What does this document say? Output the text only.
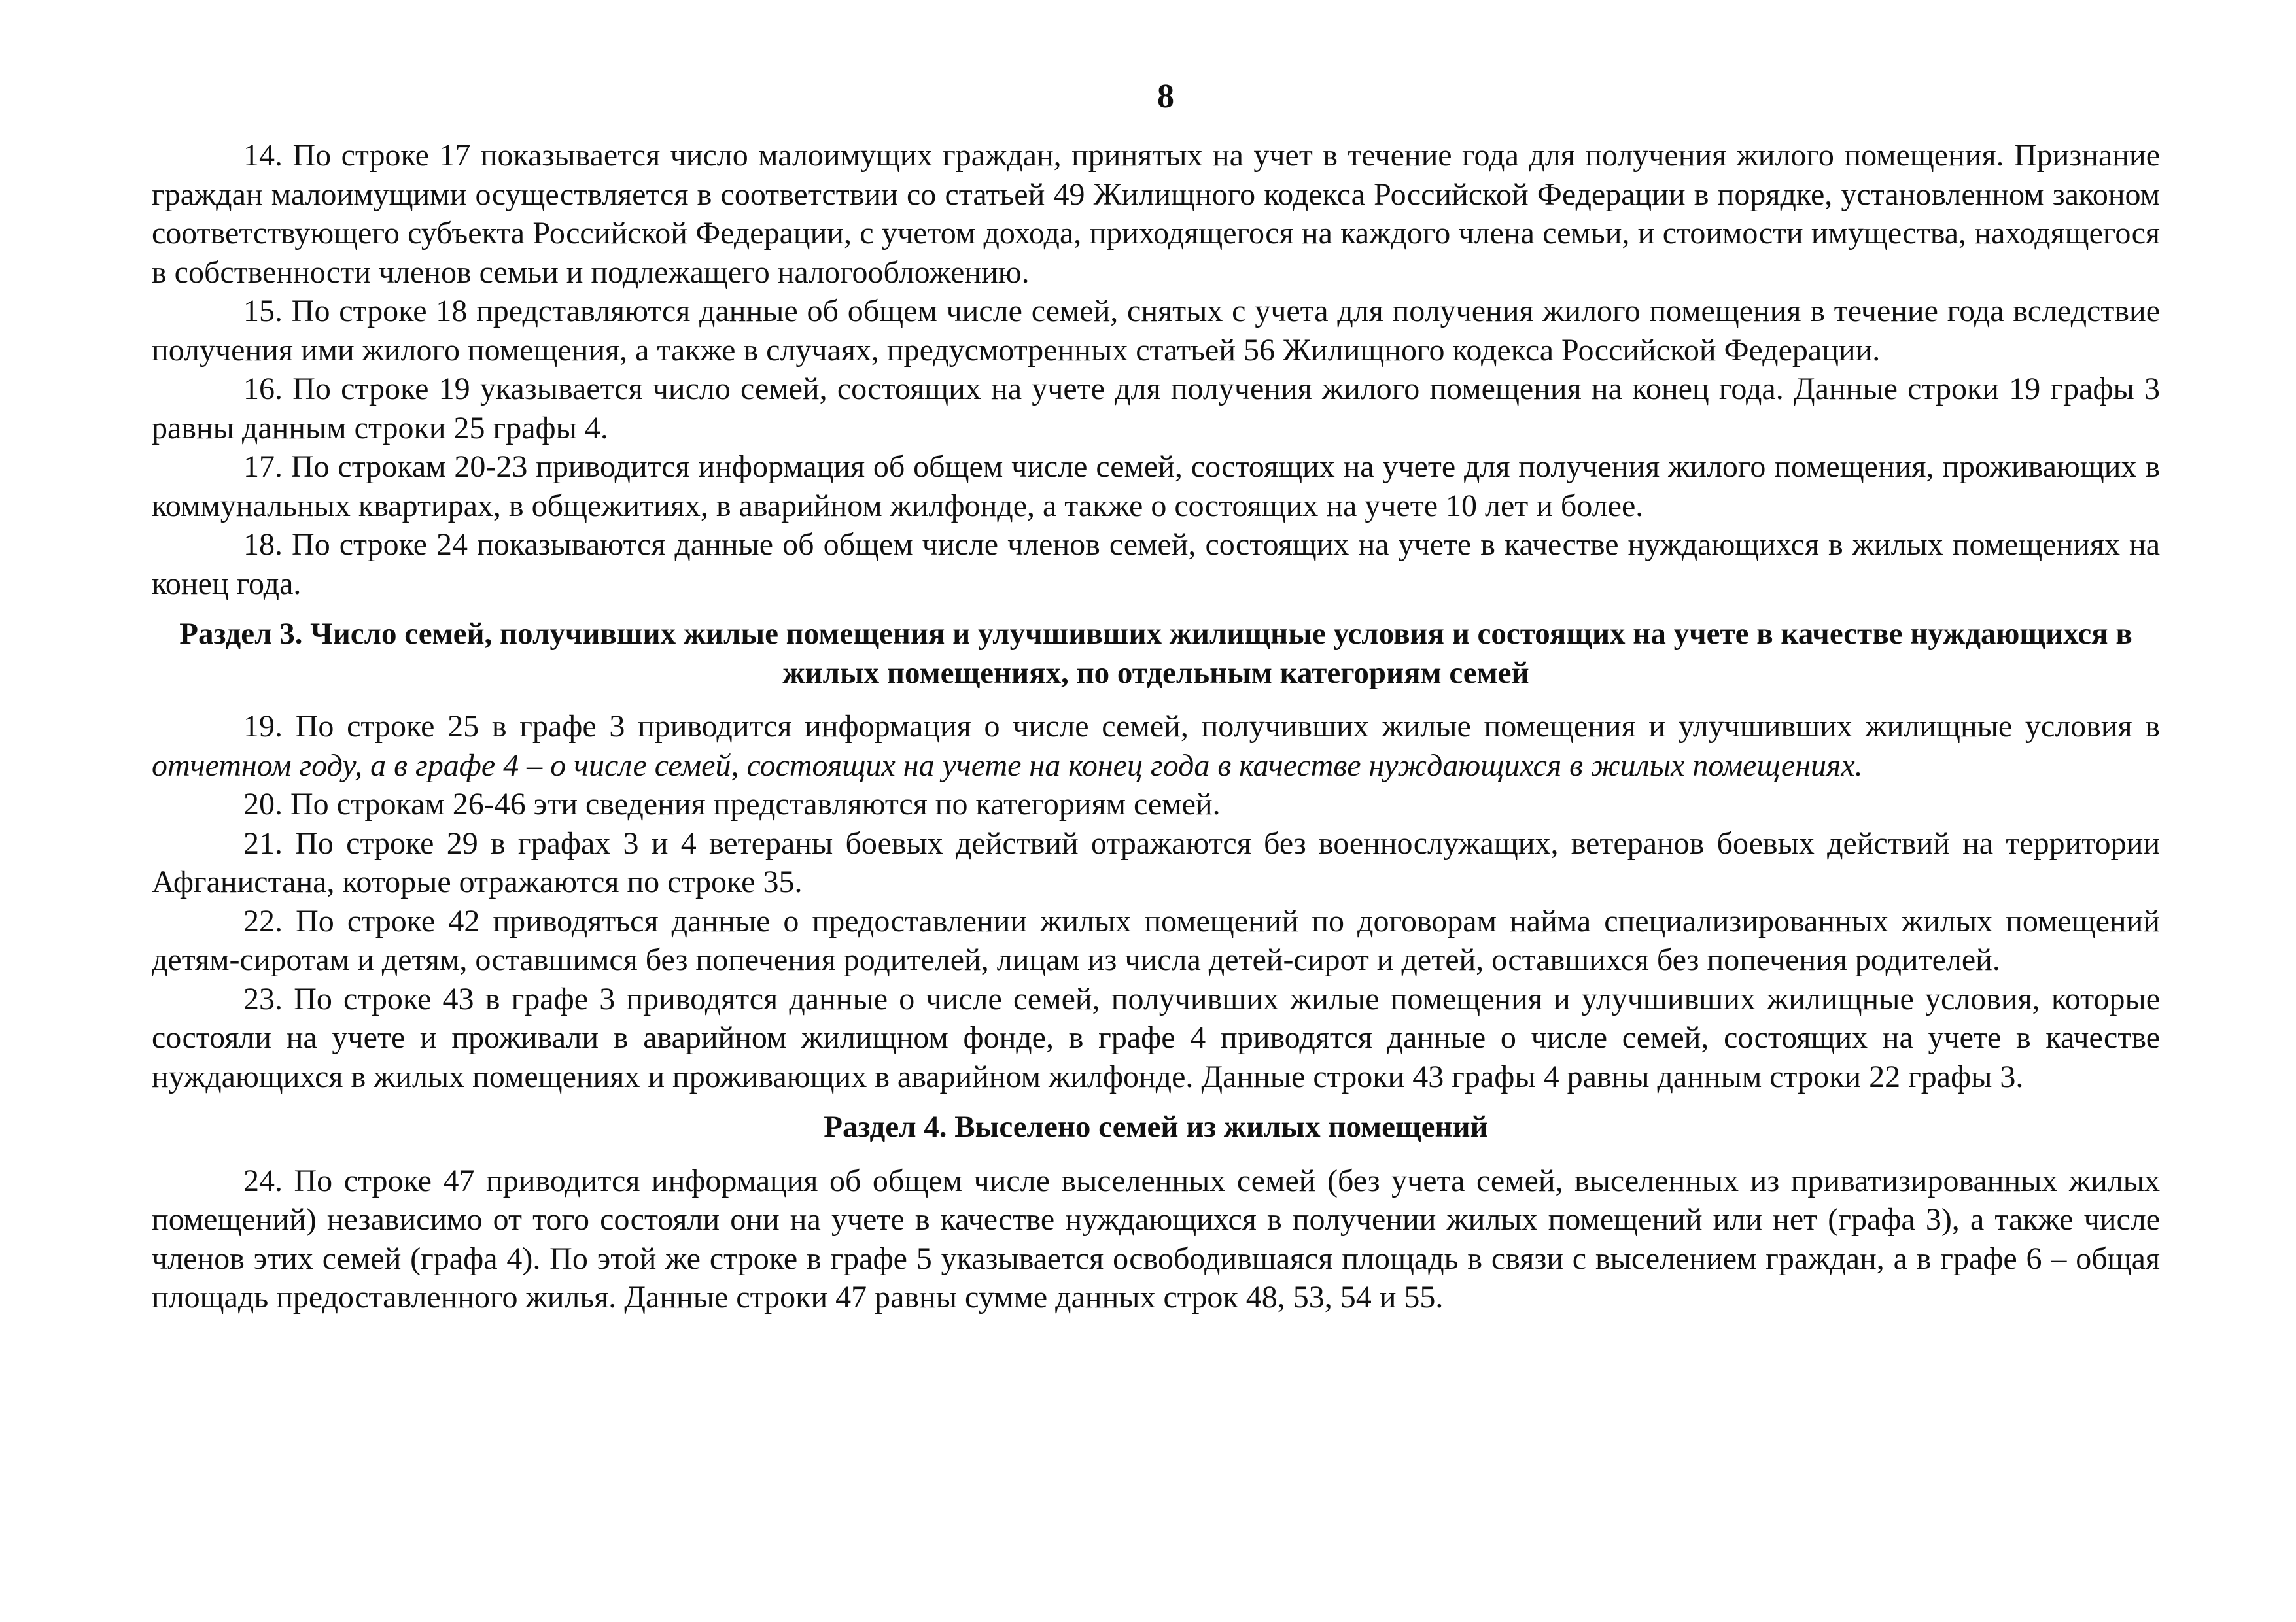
8

14. По строке 17 показывается число малоимущих граждан, принятых на учет в течение года для получения жилого помещения. Признание граждан малоимущими осуществляется в соответствии со статьей 49 Жилищного кодекса Российской Федерации в порядке, установленном законом соответствующего субъекта Российской Федерации, с учетом дохода, приходящегося на каждого члена семьи, и стоимости имущества, находящегося в собственности членов семьи и подлежащего налогообложению.

15. По строке 18 представляются данные об общем числе семей, снятых с учета для получения жилого помещения в течение года вследствие получения ими жилого помещения, а также в случаях, предусмотренных статьей 56 Жилищного кодекса Российской Федерации.

16. По строке 19 указывается число семей, состоящих на учете для получения жилого помещения на конец года. Данные строки 19 графы 3 равны данным строки 25 графы 4.

17. По строкам 20-23 приводится информация об общем числе семей, состоящих на учете для получения жилого помещения, проживающих в коммунальных квартирах, в общежитиях, в аварийном жилфонде, а также о состоящих на учете 10 лет и более.

18. По строке 24 показываются данные об общем числе членов семей, состоящих на учете в качестве нуждающихся в жилых помещениях на конец года.

Раздел 3. Число семей, получивших жилые помещения и улучшивших жилищные условия и состоящих на учете в качестве нуждающихся в жилых помещениях, по отдельным категориям семей

19. По строке 25 в графе 3 приводится информация о числе семей, получивших жилые помещения и улучшивших жилищные условия в отчетном году, а в графе 4 – о числе семей, состоящих на учете на конец года в качестве нуждающихся в жилых помещениях.

20. По строкам 26-46 эти сведения представляются по категориям семей.

21. По строке 29 в графах 3 и 4 ветераны боевых действий отражаются без военнослужащих, ветеранов боевых действий на территории Афганистана, которые отражаются по строке 35.

22. По строке 42 приводяться данные о предоставлении жилых помещений по договорам найма специализированных жилых помещений детям-сиротам и детям, оставшимся без попечения родителей, лицам из числа детей-сирот и детей, оставшихся без попечения родителей.

23. По строке 43 в графе 3 приводятся данные о числе семей, получивших жилые помещения и улучшивших жилищные условия, которые состояли на учете и проживали в аварийном жилищном фонде, в графе 4 приводятся данные о числе семей, состоящих на учете в качестве нуждающихся в жилых помещениях и проживающих в аварийном жилфонде. Данные строки 43 графы 4 равны данным строки 22 графы 3.

Раздел 4. Выселено семей из жилых помещений

24. По строке 47 приводится информация об общем числе выселенных семей (без учета семей, выселенных из приватизированных жилых помещений) независимо от того состояли они на учете в качестве нуждающихся в получении жилых помещений или нет (графа 3), а также числе членов этих семей (графа 4). По этой же строке в графе 5 указывается освободившаяся площадь в связи с выселением граждан, а в графе 6 – общая площадь предоставленного жилья. Данные строки 47 равны сумме данных строк 48, 53, 54 и 55.
